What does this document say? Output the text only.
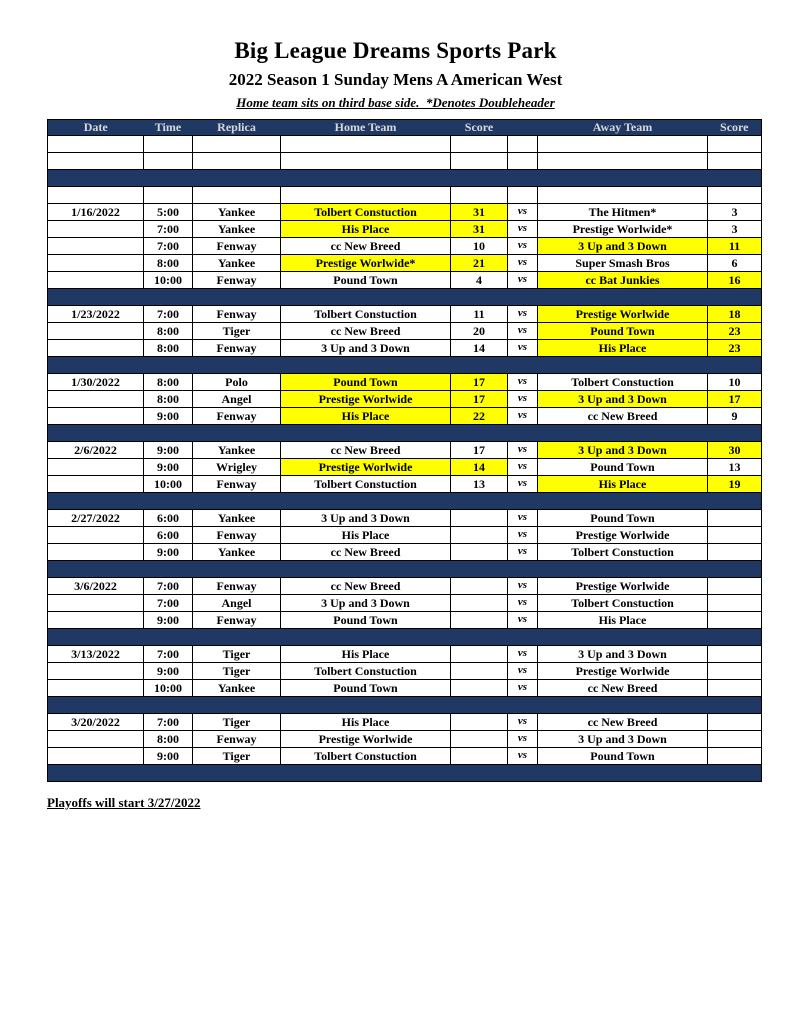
Big League Dreams Sports Park
2022 Season 1 Sunday Mens A American West
Home team sits on third base side.  *Denotes Doubleheader
Date	Time	Replica	Home Team	Score		Away Team	Score

1/16/2022	5:00	Yankee	Tolbert Constuction	31	vs	The Hitmen*	3
	7:00	Yankee	His Place	31	vs	Prestige Worlwide*	3
	7:00	Fenway	cc New Breed	10	vs	3 Up and 3 Down	11
	8:00	Yankee	Prestige Worlwide*	21	vs	Super Smash Bros	6
	10:00	Fenway	Pound Town	4	vs	cc Bat Junkies	16

1/23/2022	7:00	Fenway	Tolbert Constuction	11	vs	Prestige Worlwide	18
	8:00	Tiger	cc New Breed	20	vs	Pound Town	23
	8:00	Fenway	3 Up and 3 Down	14	vs	His Place	23

1/30/2022	8:00	Polo	Pound Town	17	vs	Tolbert Constuction	10
	8:00	Angel	Prestige Worlwide	17	vs	3 Up and 3 Down	17
	9:00	Fenway	His Place	22	vs	cc New Breed	9

2/6/2022	9:00	Yankee	cc New Breed	17	vs	3 Up and 3 Down	30
	9:00	Wrigley	Prestige Worlwide	14	vs	Pound Town	13
	10:00	Fenway	Tolbert Constuction	13	vs	His Place	19

2/27/2022	6:00	Yankee	3 Up and 3 Down		vs	Pound Town	
	6:00	Fenway	His Place		vs	Prestige Worlwide	
	9:00	Yankee	cc New Breed		vs	Tolbert Constuction	

3/6/2022	7:00	Fenway	cc New Breed		vs	Prestige Worlwide	
	7:00	Angel	3 Up and 3 Down		vs	Tolbert Constuction	
	9:00	Fenway	Pound Town		vs	His Place	

3/13/2022	7:00	Tiger	His Place		vs	3 Up and 3 Down	
	9:00	Tiger	Tolbert Constuction		vs	Prestige Worlwide	
	10:00	Yankee	Pound Town		vs	cc New Breed	

3/20/2022	7:00	Tiger	His Place		vs	cc New Breed	
	8:00	Fenway	Prestige Worlwide		vs	3 Up and 3 Down	
	9:00	Tiger	Tolbert Constuction		vs	Pound Town	

Playoffs will start 3/27/2022
